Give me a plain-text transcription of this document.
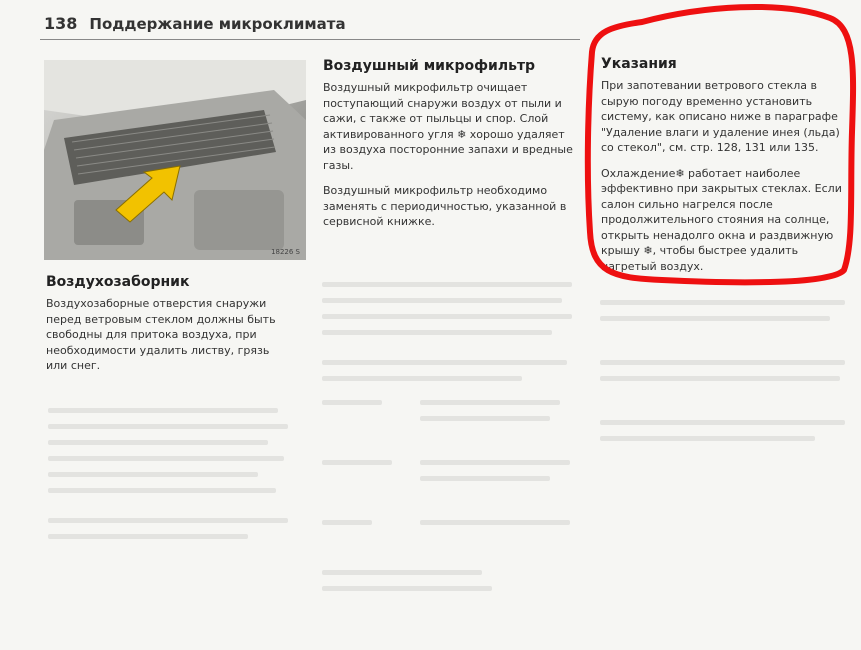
138 Поддержание микроклимата
18226 S
Воздухозаборник

Воздухозаборные отверстия снаружи перед ветровым стеклом должны быть свободны для притока воздуха, при необходимости удалить листву, грязь или снег.

Воздушный микрофильтр

Воздушный микрофильтр очищает поступающий снаружи воздух от пыли и сажи, с также от пыльцы и спор. Слой активированного угля ❄ хорошо удаляет из воздуха посторонние запахи и вредные газы.

Воздушный микрофильтр необходимо заменять с периодичностью, указанной в сервисной книжке.

Указания

При запотевании ветрового стекла в сырую погоду временно установить систему, как описано ниже в параграфе "Удаление влаги и удаление инея (льда) со стекол", см. стр. 128, 131 или 135.

Охлаждение❄ работает наиболее эффективно при закрытых стеклах. Если салон сильно нагрелся после продолжительного стояния на солнце, открыть ненадолго окна и раздвижную крышу ❄, чтобы быстрее удалить нагретый воздух.
